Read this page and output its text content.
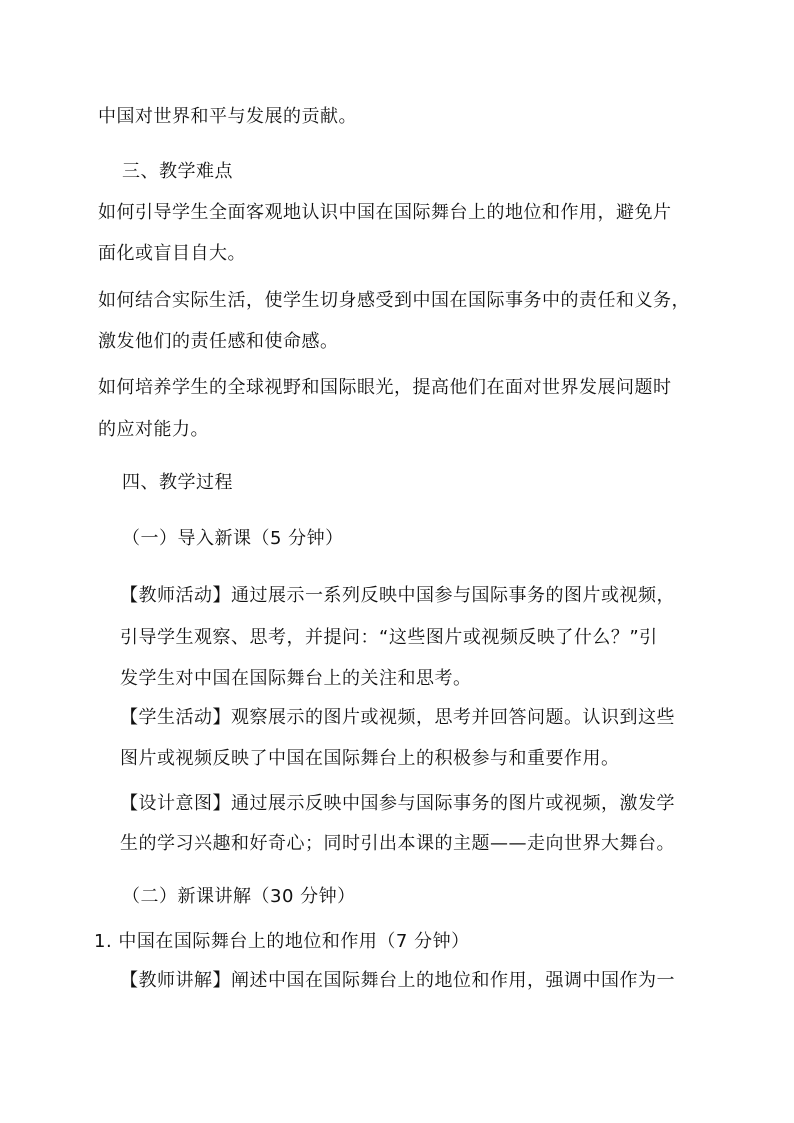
中国对世界和平与发展的贡献。
三、教学难点
如何引导学生全面客观地认识中国在国际舞台上的地位和作用，避免片
面化或盲目自大。
如何结合实际生活，使学生切身感受到中国在国际事务中的责任和义务，
激发他们的责任感和使命感。
如何培养学生的全球视野和国际眼光，提高他们在面对世界发展问题时
的应对能力。
四、教学过程
（一）导入新课（5 分钟）
【教师活动】通过展示一系列反映中国参与国际事务的图片或视频，
引导学生观察、思考，并提问：“这些图片或视频反映了什么？”引
发学生对中国在国际舞台上的关注和思考。
【学生活动】观察展示的图片或视频，思考并回答问题。认识到这些
图片或视频反映了中国在国际舞台上的积极参与和重要作用。
【设计意图】通过展示反映中国参与国际事务的图片或视频，激发学
生的学习兴趣和好奇心；同时引出本课的主题——走向世界大舞台。
（二）新课讲解（30 分钟）
1. 中国在国际舞台上的地位和作用（7 分钟）
【教师讲解】阐述中国在国际舞台上的地位和作用，强调中国作为一
